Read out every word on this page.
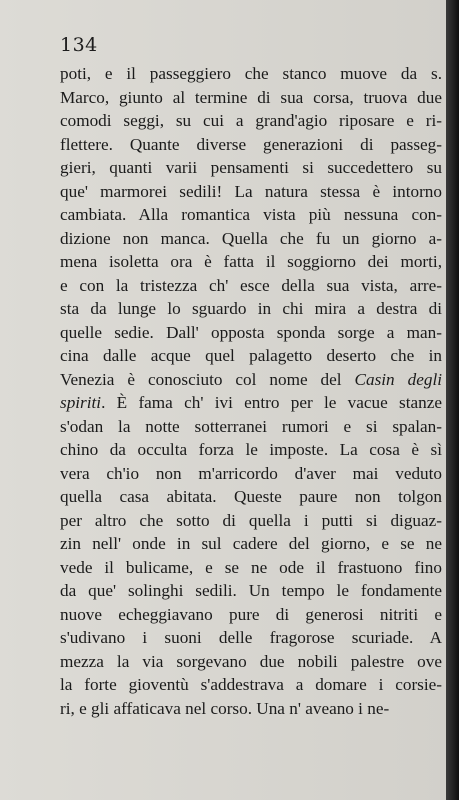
134
poti, e il passeggiero che stanco muove da s.
Marco, giunto al termine di sua corsa, truova due
comodi seggi, su cui a grand'agio riposare e ri-
flettere. Quante diverse generazioni di passeg-
gieri, quanti varii pensamenti si succedettero su
que' marmorei sedili! La natura stessa è intorno
cambiata. Alla romantica vista più nessuna con-
dizione non manca. Quella che fu un giorno a-
mena isoletta ora è fatta il soggiorno dei morti,
e con la tristezza ch' esce della sua vista, arre-
sta da lunge lo sguardo in chi mira a destra di
quelle sedie. Dall' opposta sponda sorge a man-
cina dalle acque quel palagetto deserto che in
Venezia è conosciuto col nome del Casin degli
spiriti. È fama ch' ivi entro per le vacue stanze
s'odan la notte sotterranei rumori e si spalan-
chino da occulta forza le imposte. La cosa è sì
vera ch'io non m'arricordo d'aver mai veduto
quella casa abitata. Queste paure non tolgon
per altro che sotto di quella i putti si diguaz-
zin nell' onde in sul cadere del giorno, e se ne
vede il bulicame, e se ne ode il frastuono fino
da que' solinghi sedili. Un tempo le fondamente
nuove echeggiavano pure di generosi nitriti e
s'udivano i suoni delle fragorose scuriade. A
mezza la via sorgevano due nobili palestre ove
la forte gioventù s'addestrava a domare i corsie-
ri, e gli affaticava nel corso. Una n' aveano i ne-
